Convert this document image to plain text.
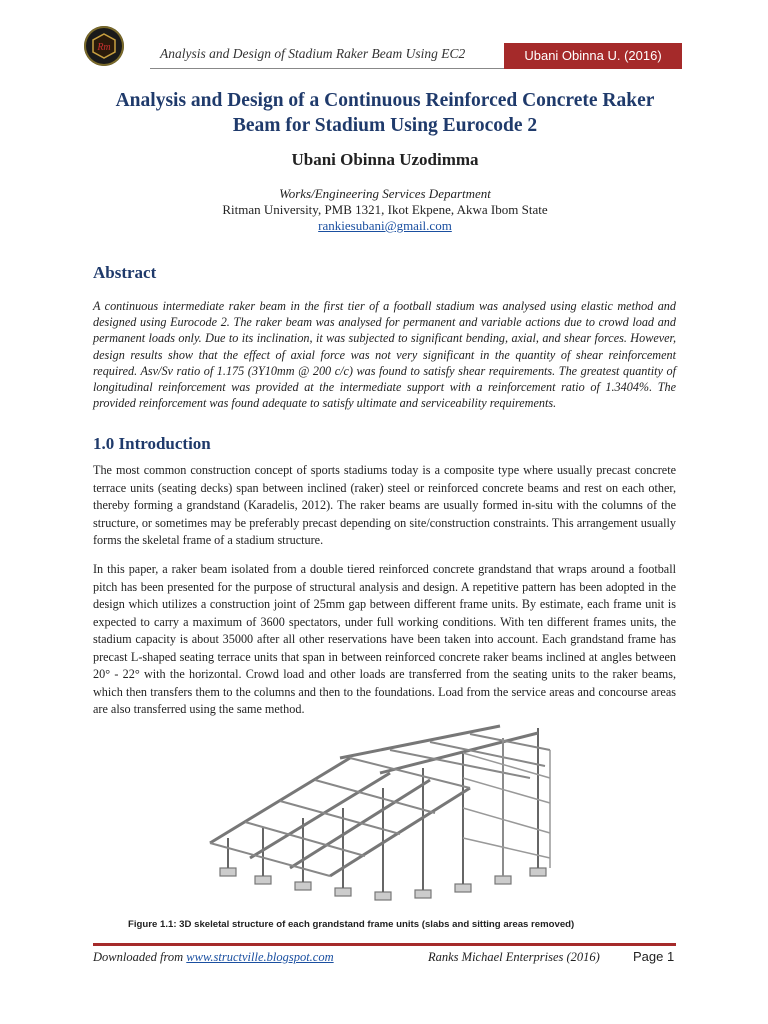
Rm	Analysis and Design of Stadium Raker Beam Using EC2	Ubani Obinna U. (2016)
Analysis and Design of a Continuous Reinforced Concrete Raker Beam for Stadium Using Eurocode 2
Ubani Obinna Uzodimma
Works/Engineering Services Department
Ritman University, PMB 1321, Ikot Ekpene, Akwa Ibom State
rankiesubani@gmail.com
Abstract
A continuous intermediate raker beam in the first tier of a football stadium was analysed using elastic method and designed using Eurocode 2. The raker beam was analysed for permanent and variable actions due to crowd load and permanent loads only. Due to its inclination, it was subjected to significant bending, axial, and shear forces. However, design results show that the effect of axial force was not very significant in the quantity of shear reinforcement required. Asv/Sv ratio of 1.175 (3Y10mm @ 200 c/c) was found to satisfy shear requirements. The greatest quantity of longitudinal reinforcement was provided at the intermediate support with a reinforcement ratio of 1.3404%. The provided reinforcement was found adequate to satisfy ultimate and serviceability requirements.
1.0 Introduction
The most common construction concept of sports stadiums today is a composite type where usually precast concrete terrace units (seating decks) span between inclined (raker) steel or reinforced concrete beams and rest on each other, thereby forming a grandstand (Karadelis, 2012). The raker beams are usually formed in-situ with the columns of the structure, or sometimes may be preferably precast depending on site/construction constraints. This arrangement usually forms the skeletal frame of a stadium structure.
In this paper, a raker beam isolated from a double tiered reinforced concrete grandstand that wraps around a football pitch has been presented for the purpose of structural analysis and design. A repetitive pattern has been adopted in the design which utilizes a construction joint of 25mm gap between different frame units. By estimate, each frame unit is expected to carry a maximum of 3600 spectators, under full working conditions. With ten different frames units, the stadium capacity is about 35000 after all other reservations have been taken into account. Each grandstand frame has precast L-shaped seating terrace units that span in between reinforced concrete raker beams inclined at angles between 20° - 22° with the horizontal. Crowd load and other loads are transferred from the seating units to the raker beams, which then transfers them to the columns and then to the foundations. Load from the service areas and concourse areas are also transferred using the same method.
Figure 1.1: 3D skeletal structure of each grandstand frame units (slabs and sitting areas removed)
Downloaded from www.structville.blogspot.com	Ranks Michael Enterprises (2016)	Page 1
